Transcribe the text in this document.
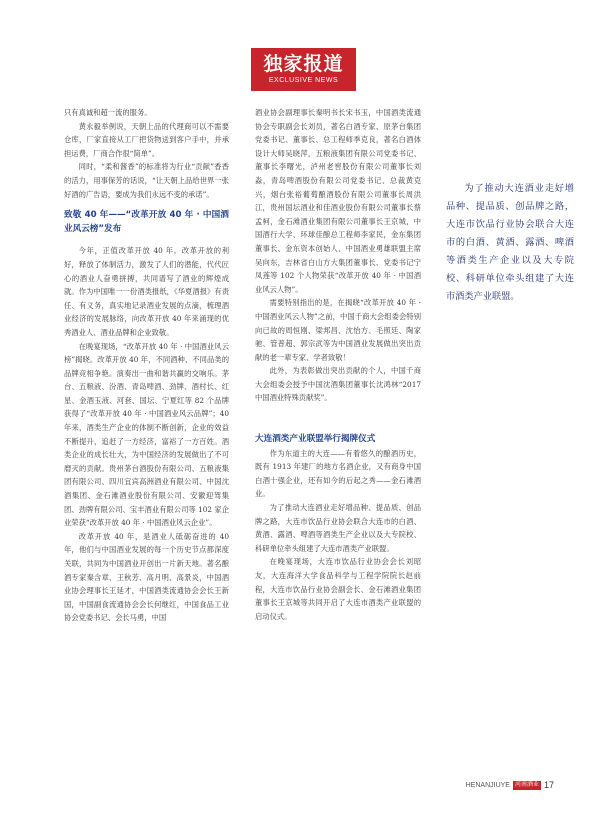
独家报道
EXCLUSIVE NEWS

只有真诚和超一流的服务。

黄永毅举例说，天朝上品的代理商可以不需要仓库，厂家直接从工厂把货物送到客户手中，并承担运费，厂商合作很“简单”。

同时，“柔和酱香”的标准将为行业“贡献”香香的活力，用事保芳的话说，“让天朝上品给世界一张好酒的广告语，要成为我们永远不变的承诺”。

致敬 40 年——“改革开放 40 年 · 中国酒业风云榜”发布

今年，正值改革开放 40 年。改革开放的利好，释放了体制活力，激发了人们的潜能，代代匠心的酒业人奋勇拼搏，共同谱写了酒业的辉煌成就。作为中国唯一一份酒类报纸，《华夏酒报》有责任、有义务，真实地记录酒业发展的点滴，梳理酒业经济的发展脉络，向改革开放 40 年来涌现的优秀酒业人、酒业品牌和企业致敬。

在晚宴现场，“改革开放 40 年 · 中国酒业风云榜”揭晓。改革开放 40 年，不同酒种、不同品类的品牌竞相争艳。演奏出一曲和谐共赢的交响乐。茅台、五粮液、汾酒、青岛啤酒、劲牌、酒村长、红星、金酒玉液、河套、国坛、宁夏红等 82 个品牌获得了“改革开放 40 年 · 中国酒业风云品牌”；40 年来，酒类生产企业的体制不断创新，企业的效益不断提升，追赶了一方经济，富裕了一方百姓。酒类企业的成长壮大，为中国经济的发展做出了不可磨灭的贡献。贵州茅台酒股份有限公司、五粮液集团有限公司、四川宜宾高洲酒业有限公司、中国沈酒集团、金石滩酒业股份有限公司、安徽迎驾集团、劲牌有限公司、宝丰酒业有限公司等 102 家企业荣获“改革开放 40 年 · 中国酒业风云企业”。

改革开放 40 年，是酒业人砥砺奋进的 40 年，他们与中国酒业发展的每一个历史节点都深度关联，共同为中国酒业开创出一片新天地。著名酿酒专家秦含章、王秋芳、高月明、高景炎，中国酒业协会理事长王延才，中国酒类流通协会会长王新国，中国副食流通协会会长何继红，中国食品工业协会党委书记、会长马勇，中国

酒业协会副理事长秦明书长宋书玉，中国酒类流通协会专职副会长刘员，著名白酒专家、原茅台集团党委书记、董事长、总工程师季克良，著名白酒体设计大师吴晓萍，五粮液集团有限公司党委书记、董事长李曙光，泸州老窖股份有限公司董事长刘淼，青岛啤酒股份有限公司党委书记、总裁黄克兴，烟台张裕葡萄酿酒股份有限公司董事长周洪江，贵州国坛酒业和佳酒业股份有限公司董事长蔡孟柯，金石滩酒业集团有限公司董事长王京城，中国酒行大学、环球佳酿总工程师李家民，金东集团董事长、金东资本创始人、中国酒业勇雄联盟主席吴向东，吉林省白山方大集团董事长、党委书记宁凤莲等 102 个人物荣获“改革开放 40 年 · 中国酒业风云人物”。

需要特别指出的是，在揭晓“改革开放 40 年 · 中国酒业风云人物”之前，中国千商大会组委会特别向已故的周恒刚、梁邦昌、沈怡方、毛照廷、陶家驰、管普超、郭宗武等为中国酒业发展做出突出贡献的老一辈专家、学者致敬！

此外，为表彰做出突出贡献的个人，中国千商大会组委会授予中国沈酒集团董事长沈鸿林“2017 中国酒业特殊贡献奖”。

大连酒类产业联盟举行揭牌仪式

作为东道主的大连——有着悠久的酿酒历史，既有 1913 年建厂的地方名酒企业，又有商身中国白酒十强企业，还有如今的后起之秀——金石滩酒业。

为了推动大连酒业走好增品种、提品质、创品牌之路，大连市饮品行业协会联合大连市的白酒、黄酒、露酒、啤酒等酒类生产企业以及大专院校、科研单位牵头组建了大连市酒类产业联盟。

在晚宴现场，大连市饮品行业协会会长刘昭友，大连海洋大学食品科学与工程学院院长赵前程，大连市饮品行业协会副会长、金石滩酒业集团董事长王京城等共同开启了大连市酒类产业联盟的启动仪式。

为了推动大连酒业走好增品种、提品质、创品牌之路，大连市饮品行业协会联合大连市的白酒、黄酒、露酒、啤酒等酒类生产企业以及大专院校、科研单位牵头组建了大连市酒类产业联盟。

HENANJIUYE 河南酒业 17
